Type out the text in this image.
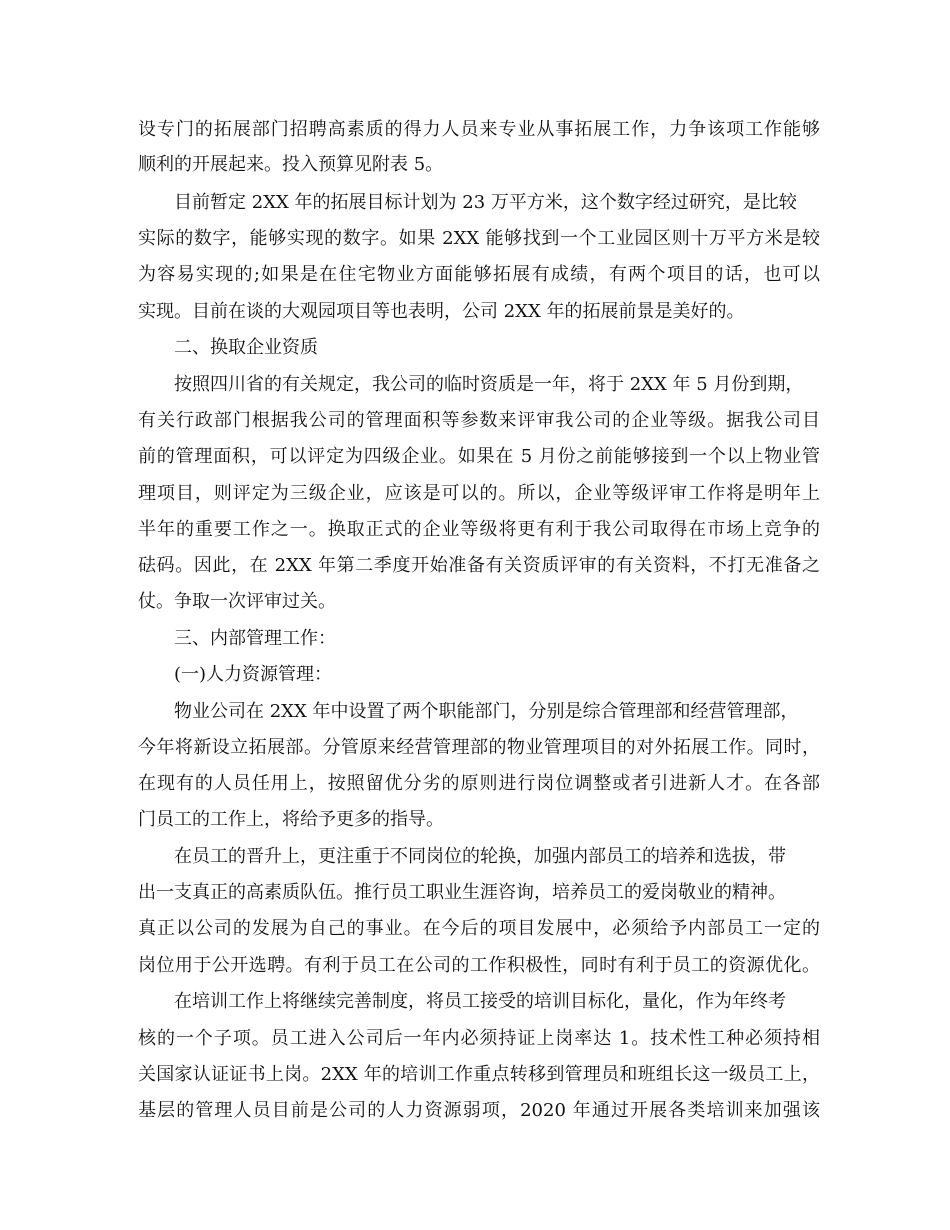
设专门的拓展部门招聘高素质的得力人员来专业从事拓展工作，力争该项工作能够
顺利的开展起来。投入预算见附表 5。
目前暂定 2XX 年的拓展目标计划为 23 万平方米，这个数字经过研究，是比较
实际的数字，能够实现的数字。如果 2XX 能够找到一个工业园区则十万平方米是较
为容易实现的;如果是在住宅物业方面能够拓展有成绩，有两个项目的话，也可以
实现。目前在谈的大观园项目等也表明，公司 2XX 年的拓展前景是美好的。
二、换取企业资质
按照四川省的有关规定，我公司的临时资质是一年，将于 2XX 年 5 月份到期，
有关行政部门根据我公司的管理面积等参数来评审我公司的企业等级。据我公司目
前的管理面积，可以评定为四级企业。如果在 5 月份之前能够接到一个以上物业管
理项目，则评定为三级企业，应该是可以的。所以，企业等级评审工作将是明年上
半年的重要工作之一。换取正式的企业等级将更有利于我公司取得在市场上竞争的
砝码。因此，在 2XX 年第二季度开始准备有关资质评审的有关资料，不打无准备之
仗。争取一次评审过关。
三、内部管理工作：
(一)人力资源管理：
物业公司在 2XX 年中设置了两个职能部门，分别是综合管理部和经营管理部，
今年将新设立拓展部。分管原来经营管理部的物业管理项目的对外拓展工作。同时，
在现有的人员任用上，按照留优分劣的原则进行岗位调整或者引进新人才。在各部
门员工的工作上，将给予更多的指导。
在员工的晋升上，更注重于不同岗位的轮换，加强内部员工的培养和选拔，带
出一支真正的高素质队伍。推行员工职业生涯咨询，培养员工的爱岗敬业的精神。
真正以公司的发展为自己的事业。在今后的项目发展中，必须给予内部员工一定的
岗位用于公开选聘。有利于员工在公司的工作积极性，同时有利于员工的资源优化。
在培训工作上将继续完善制度，将员工接受的培训目标化，量化，作为年终考
核的一个子项。员工进入公司后一年内必须持证上岗率达 1。技术性工种必须持相
关国家认证证书上岗。2XX 年的培训工作重点转移到管理员和班组长这一级员工上，
基层的管理人员目前是公司的人力资源弱项，2020 年通过开展各类培训来加强该
